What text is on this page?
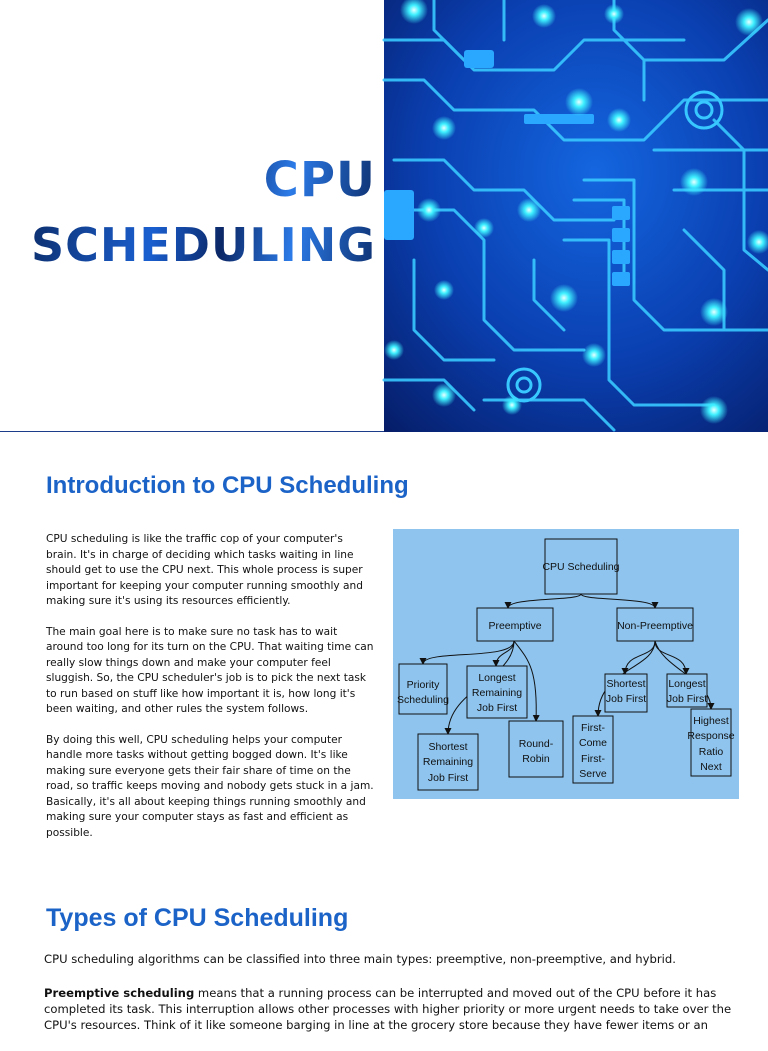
CPU
SCHEDULING
Introduction to CPU Scheduling

CPU scheduling is like the traffic cop of your computer's brain. It's in charge of deciding which tasks waiting in line should get to use the CPU next. This whole process is super important for keeping your computer running smoothly and making sure it's using its resources efficiently.

The main goal here is to make sure no task has to wait around too long for its turn on the CPU. That waiting time can really slow things down and make your computer feel sluggish. So, the CPU scheduler's job is to pick the next task to run based on stuff like how important it is, how long it's been waiting, and other rules the system follows.

By doing this well, CPU scheduling helps your computer handle more tasks without getting bogged down. It's like making sure everyone gets their fair share of time on the road, so traffic keeps moving and nobody gets stuck in a jam. Basically, it's all about keeping things running smoothly and making sure your computer stays as fast and efficient as possible.

CPU Scheduling
Preemptive	Non-Preemptive
Priority
Scheduling
Longest
Remaining
Job First
Shortest
Remaining
Job First
Round-
Robin
Shortest
Job First
Longest
Job First
First-
Come
First-
Serve
Highest
Response
Ratio
Next
Types of CPU Scheduling

CPU scheduling algorithms can be classified into three main types: preemptive, non-preemptive, and hybrid.

Preemptive scheduling means that a running process can be interrupted and moved out of the CPU before it has completed its task. This interruption allows other processes with higher priority or more urgent needs to take over the CPU's resources. Think of it like someone barging in line at the grocery store because they have fewer items or an
